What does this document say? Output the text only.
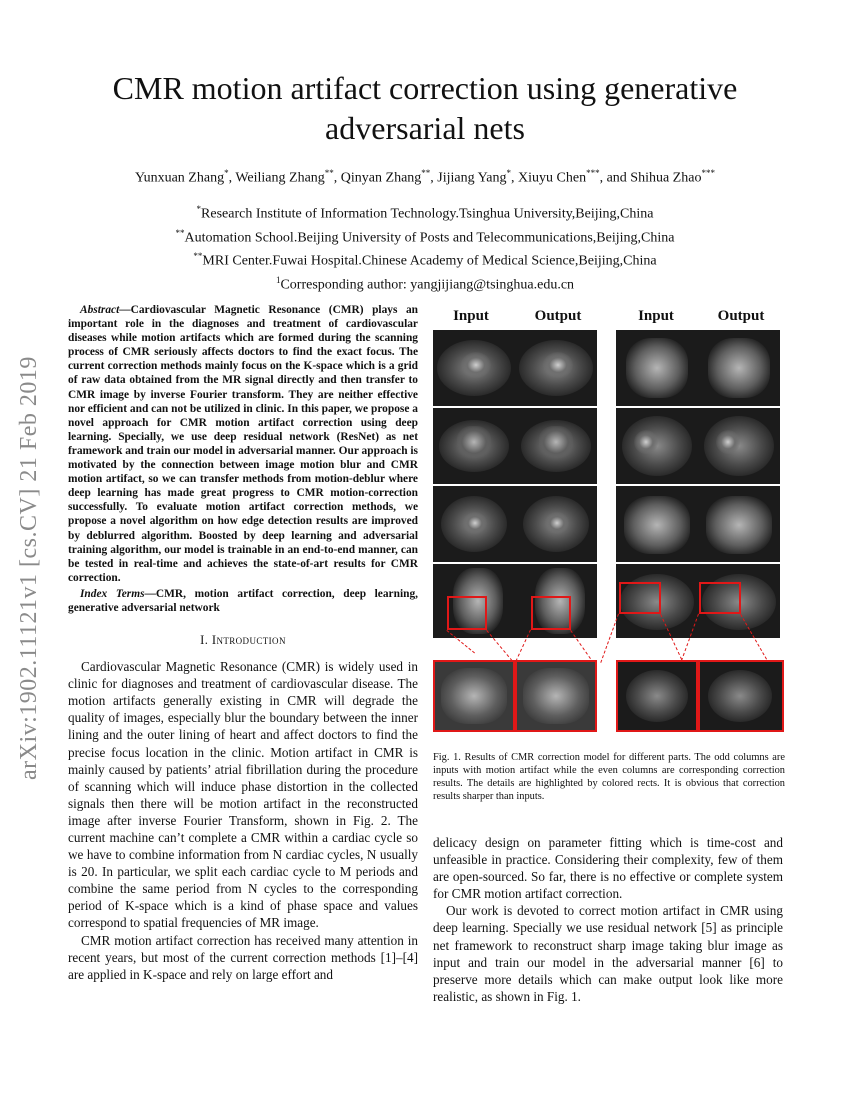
arXiv:1902.11121v1 [cs.CV] 21 Feb 2019
CMR motion artifact correction using generative adversarial nets
Yunxuan Zhang*, Weiliang Zhang**, Qinyan Zhang**, Jijiang Yang*, Xiuyu Chen***, and Shihua Zhao***
*Research Institute of Information Technology.Tsinghua University,Beijing,China
**Automation School.Beijing University of Posts and Telecommunications,Beijing,China
**MRI Center.Fuwai Hospital.Chinese Academy of Medical Science,Beijing,China
$^1$Corresponding author: yangjijiang@tsinghua.edu.cn

Abstract—Cardiovascular Magnetic Resonance (CMR) plays an important role in the diagnoses and treatment of cardiovascular diseases while motion artifacts which are formed during the scanning process of CMR seriously affects doctors to find the exact focus. The current correction methods mainly focus on the K-space which is a grid of raw data obtained from the MR signal directly and then transfer to CMR image by inverse Fourier transform. They are neither effective nor efficient and can not be utilized in clinic. In this paper, we propose a novel approach for CMR motion artifact correction using deep learning. Specially, we use deep residual network (ResNet) as net framework and train our model in adversarial manner. Our approach is motivated by the connection between image motion blur and CMR motion artifact, so we can transfer methods from motion-deblur where deep learning has made great progress to CMR motion-correction successfully. To evaluate motion artifact correction methods, we propose a novel algorithm on how edge detection results are improved by deblurred algorithm. Boosted by deep learning and adversarial training algorithm, our model is trainable in an end-to-end manner, can be tested in real-time and achieves the state-of-art results for CMR correction.

Index Terms—CMR, motion artifact correction, deep learning, generative adversarial network

I. Introduction

Cardiovascular Magnetic Resonance (CMR) is widely used in clinic for diagnoses and treatment of cardiovascular disease. The motion artifacts generally existing in CMR will degrade the quality of images, especially blur the boundary between the inner lining and the outer lining of heart and affect doctors to find the precise focus location in the clinic. Motion artifact in CMR is mainly caused by patients’ atrial fibrillation during the procedure of scanning which will induce phase distortion in the collected signals then there will be motion artifact in the reconstructed image after inverse Fourier Transform, shown in Fig. 2. The current machine can’t complete a CMR within a cardiac cycle so we have to combine information from N cardiac cycles, N usually is 20. In particular, we split each cardiac cycle to M periods and combine the same period from N cycles to the corresponding period of K-space which is a kind of phase space and values correspond to spatial frequencies of MR image.

CMR motion artifact correction has received many attention in recent years, but most of the current correction methods [1]–[4] are applied in K-space and rely on large effort and

Input	Output	Input	Output

Fig. 1. Results of CMR correction model for different parts. The odd columns are inputs with motion artifact while the even columns are corresponding correction results. The details are highlighted by colored rects. It is obvious that correction results sharper than inputs.

delicacy design on parameter fitting which is time-cost and unfeasible in practice. Considering their complexity, few of them are open-sourced. So far, there is no effective or complete system for CMR motion artifact correction.

Our work is devoted to correct motion artifact in CMR using deep learning. Specially we use residual network [5] as principle net framework to reconstruct sharp image taking blur image as input and train our model in the adversarial manner [6] to preserve more details which can make output look like more realistic, as shown in Fig. 1.
